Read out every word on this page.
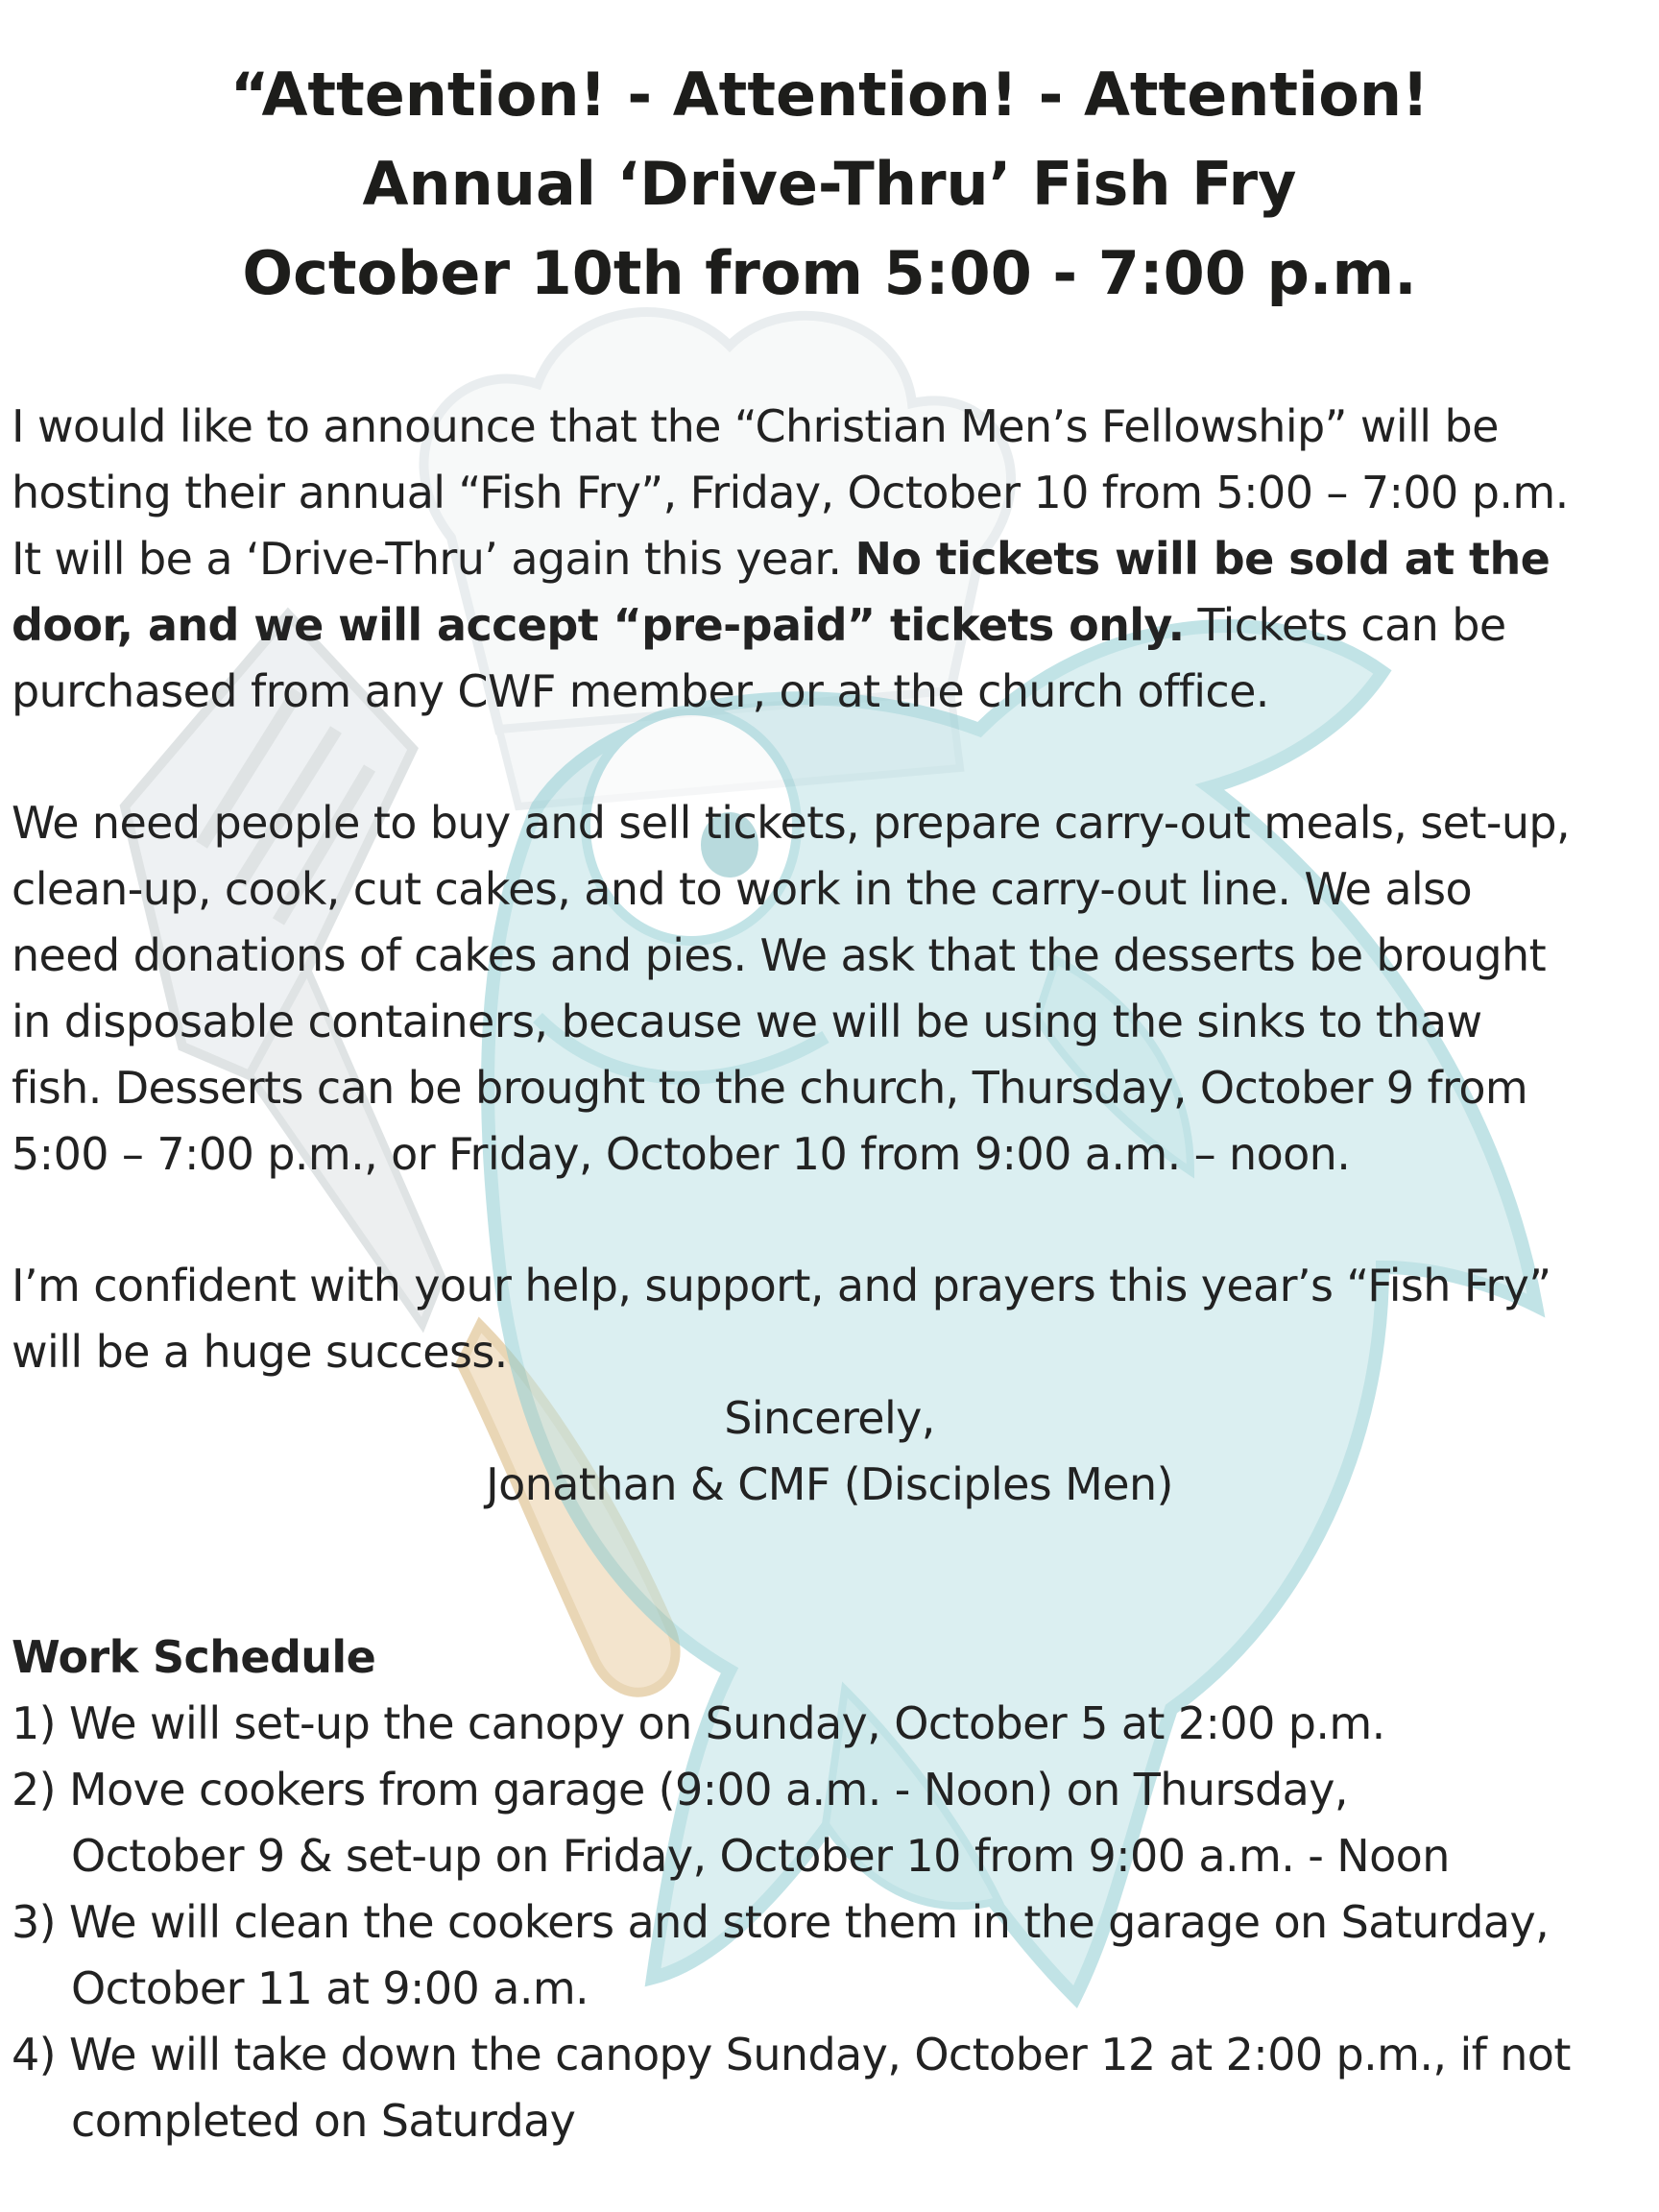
“Attention! - Attention! - Attention!
Annual ‘Drive-Thru’ Fish Fry
October 10th from 5:00 - 7:00 p.m.
I would like to announce that the “Christian Men’s Fellowship” will be
hosting their annual “Fish Fry”, Friday, October 10 from 5:00 – 7:00 p.m.
It will be a ‘Drive-Thru’ again this year. No tickets will be sold at the
door, and we will accept “pre-paid” tickets only. Tickets can be
purchased from any CWF member, or at the church office.
We need people to buy and sell tickets, prepare carry-out meals, set-up,
clean-up, cook, cut cakes, and to work in the carry-out line. We also
need donations of cakes and pies. We ask that the desserts be brought
in disposable containers, because we will be using the sinks to thaw
fish. Desserts can be brought to the church, Thursday, October 9 from
5:00 – 7:00 p.m., or Friday, October 10 from 9:00 a.m. – noon.
I’m confident with your help, support, and prayers this year’s “Fish Fry”
will be a huge success.
Sincerely,
Jonathan & CMF (Disciples Men)
Work Schedule
1) We will set-up the canopy on Sunday, October 5 at 2:00 p.m.
2) Move cookers from garage (9:00 a.m. - Noon) on Thursday,
October 9 & set-up on Friday, October 10 from 9:00 a.m. - Noon
3) We will clean the cookers and store them in the garage on Saturday,
October 11 at 9:00 a.m.
4) We will take down the canopy Sunday, October 12 at 2:00 p.m., if not
completed on Saturday
